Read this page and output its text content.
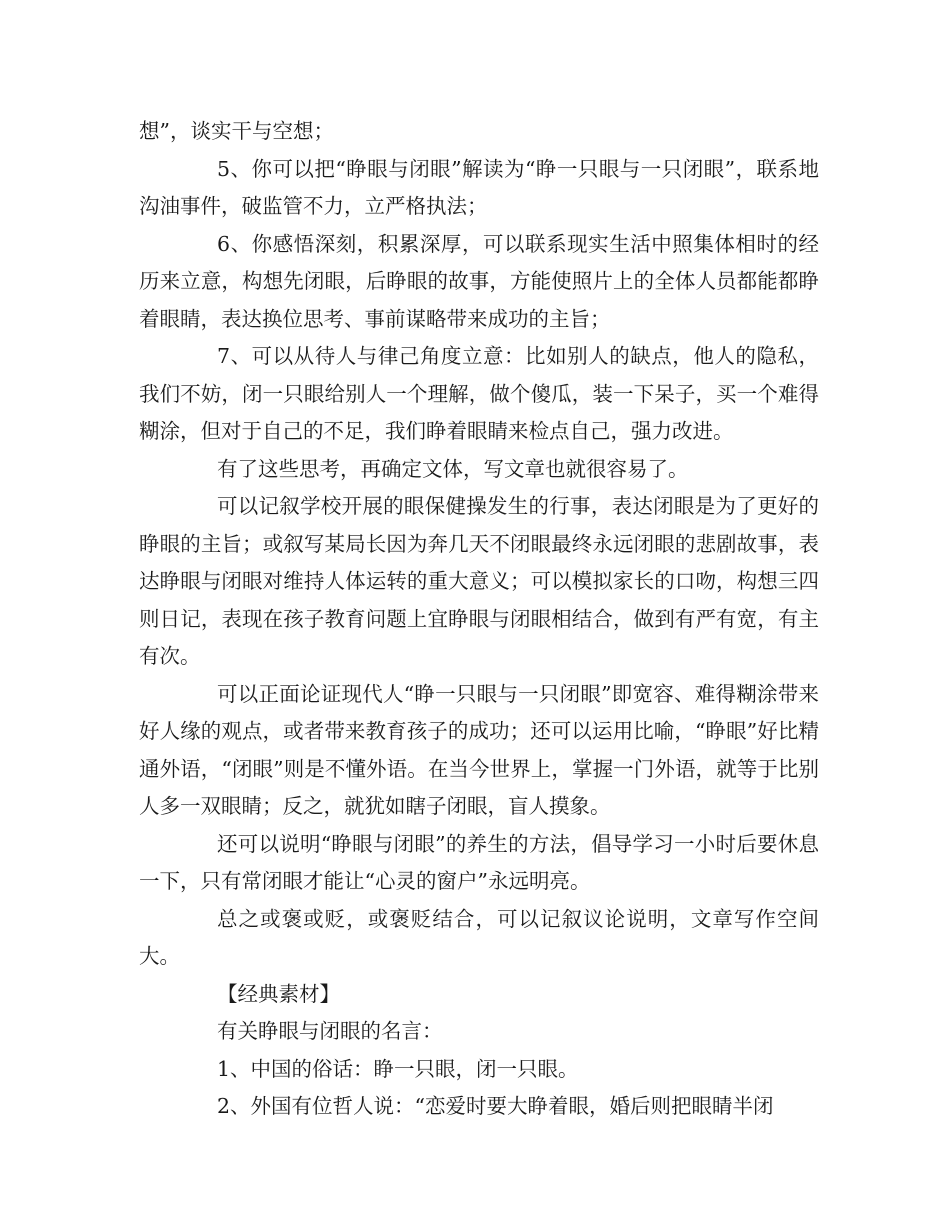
想”，谈实干与空想；

5、你可以把“睁眼与闭眼”解读为“睁一只眼与一只闭眼”，联系地沟油事件，破监管不力，立严格执法；

6、你感悟深刻，积累深厚，可以联系现实生活中照集体相时的经历来立意，构想先闭眼，后睁眼的故事，方能使照片上的全体人员都能都睁着眼睛，表达换位思考、事前谋略带来成功的主旨；

7、可以从待人与律己角度立意：比如别人的缺点，他人的隐私，我们不妨，闭一只眼给别人一个理解，做个傻瓜，装一下呆子，买一个难得糊涂，但对于自己的不足，我们睁着眼睛来检点自己，强力改进。

有了这些思考，再确定文体，写文章也就很容易了。

可以记叙学校开展的眼保健操发生的行事，表达闭眼是为了更好的睁眼的主旨；或叙写某局长因为奔几天不闭眼最终永远闭眼的悲剧故事，表达睁眼与闭眼对维持人体运转的重大意义；可以模拟家长的口吻，构想三四则日记，表现在孩子教育问题上宜睁眼与闭眼相结合，做到有严有宽，有主有次。

可以正面论证现代人“睁一只眼与一只闭眼”即宽容、难得糊涂带来好人缘的观点，或者带来教育孩子的成功；还可以运用比喻，“睁眼”好比精通外语，“闭眼”则是不懂外语。在当今世界上，掌握一门外语，就等于比别人多一双眼睛；反之，就犹如瞎子闭眼，盲人摸象。

还可以说明“睁眼与闭眼”的养生的方法，倡导学习一小时后要休息一下，只有常闭眼才能让“心灵的窗户”永远明亮。

总之或褒或贬，或褒贬结合，可以记叙议论说明，文章写作空间大。

【经典素材】

有关睁眼与闭眼的名言：

1、中国的俗话：睁一只眼，闭一只眼。

2、外国有位哲人说：“恋爱时要大睁着眼，婚后则把眼睛半闭
